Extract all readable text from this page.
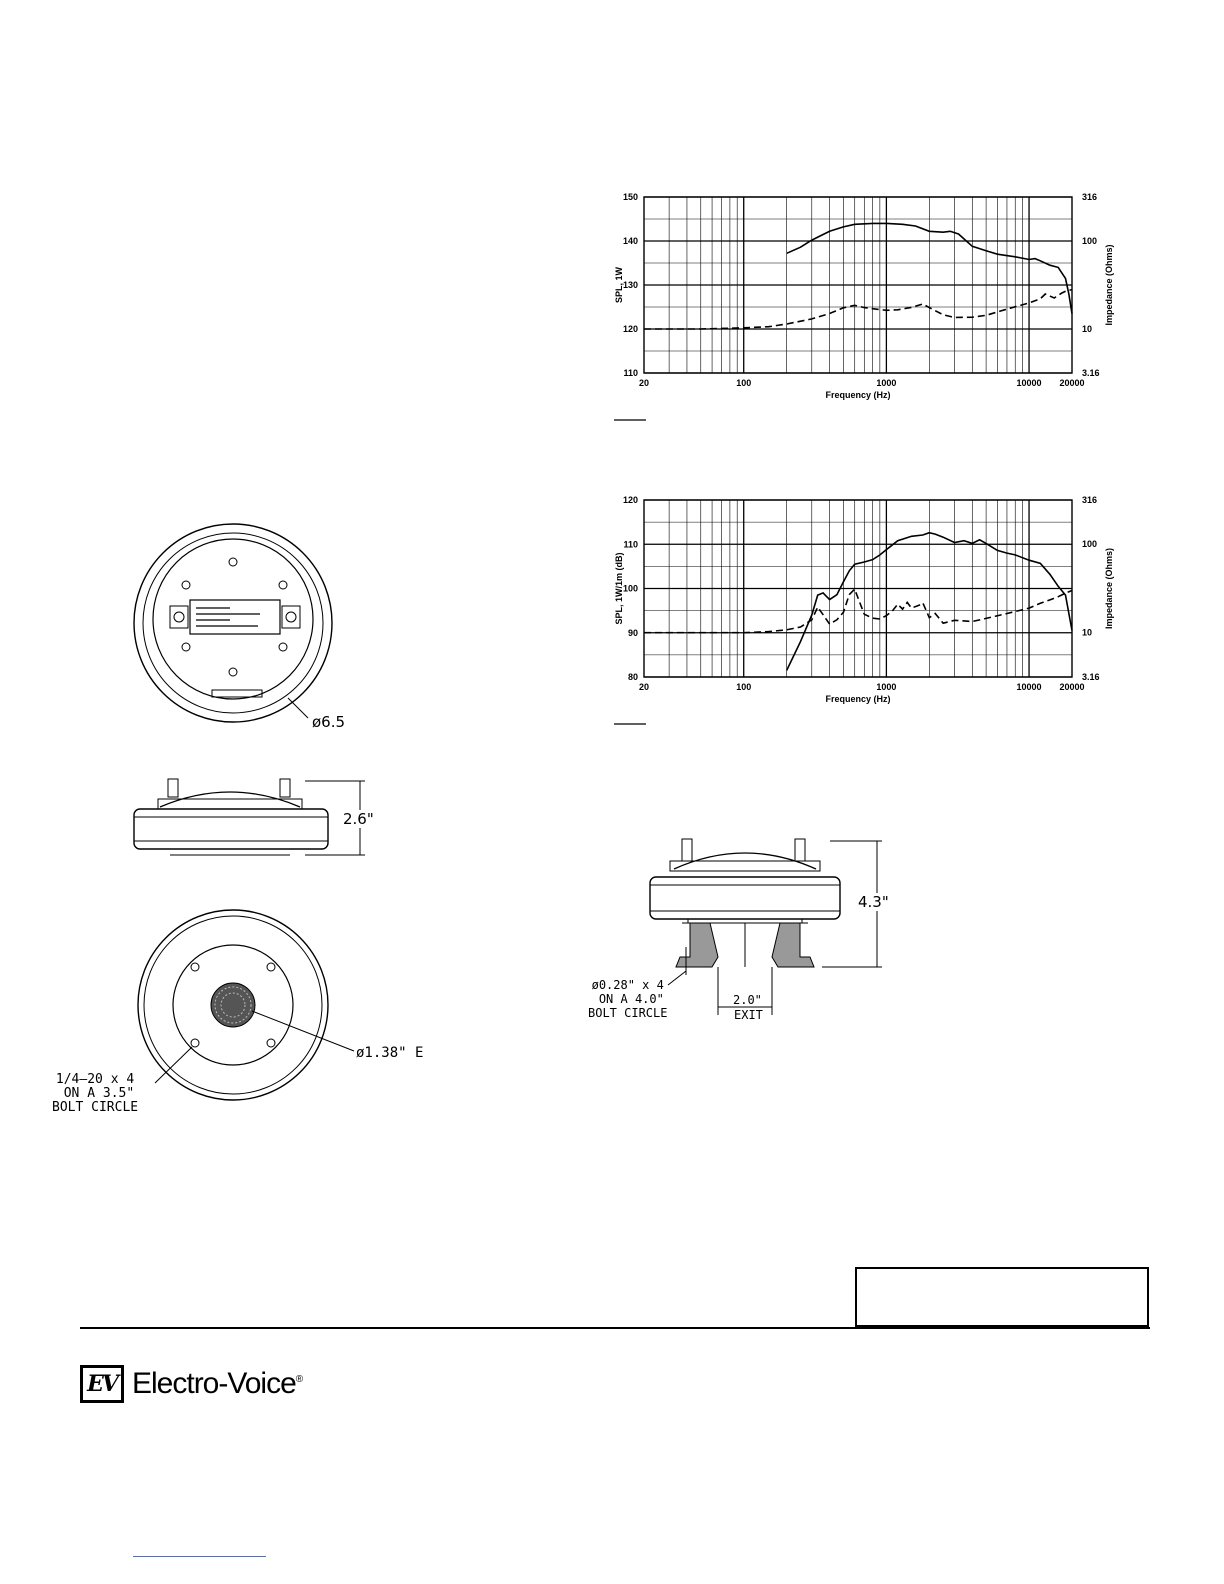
110
120
130
140
150
3.16
10
100
316
20	100	1000	10000 20000
Frequency (Hz)
SPL, 1W	Impedance (Ohms)
80
90
100
110
120
3.16
10
100
316
20	100	1000	10000 20000
Frequency (Hz)
SPL, 1W/1m (dB)	Impedance (Ohms)
ø6.5
2.6"
ø1.38" E
1/4–20 x 4
ON A 3.5"
BOLT CIRCLE
4.3"
ø0.28" x 4
ON A 4.0"
BOLT CIRCLE
2.0"
EXIT
EV Electro-Voice®
